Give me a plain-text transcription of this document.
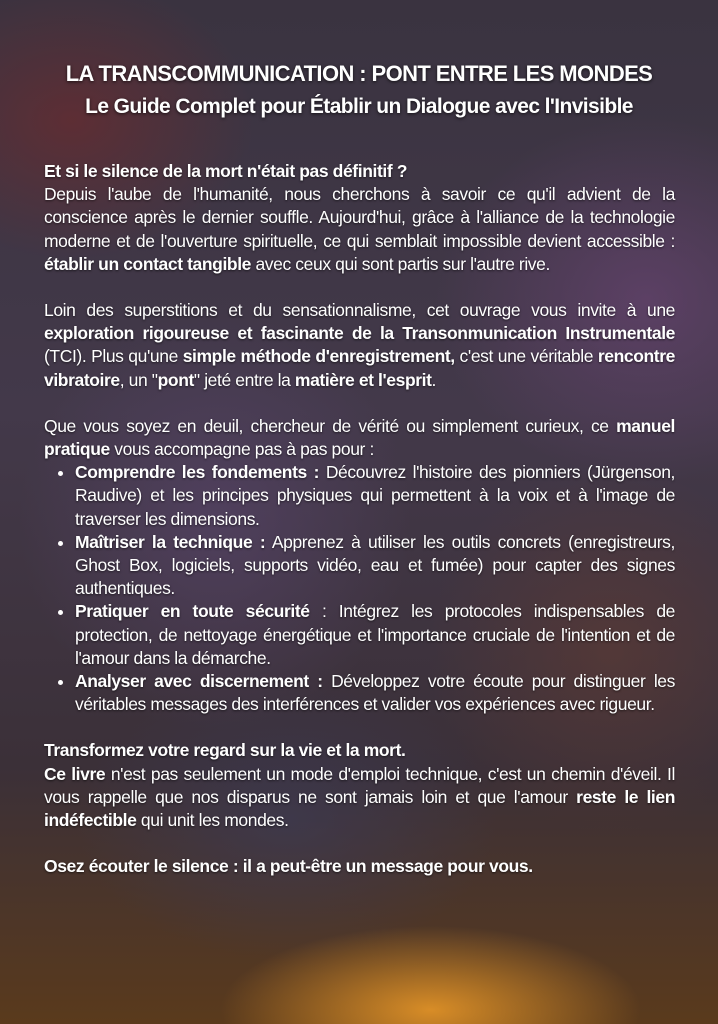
LA TRANSCOMMUNICATION : PONT ENTRE LES MONDES
Le Guide Complet pour Établir un Dialogue avec l'Invisible
Et si le silence de la mort n'était pas définitif ?
Depuis l'aube de l'humanité, nous cherchons à savoir ce qu'il advient de la conscience après le dernier souffle. Aujourd'hui, grâce à l'alliance de la technologie moderne et de l'ouverture spirituelle, ce qui semblait impossible devient accessible : établir un contact tangible avec ceux qui sont partis sur l'autre rive.
Loin des superstitions et du sensationnalisme, cet ouvrage vous invite à une exploration rigoureuse et fascinante de la Transonmunication Instrumentale (TCI). Plus qu'une simple méthode d'enregistrement, c'est une véritable rencontre vibratoire, un "pont" jeté entre la matière et l'esprit.
Que vous soyez en deuil, chercheur de vérité ou simplement curieux, ce manuel pratique vous accompagne pas à pas pour :
• Comprendre les fondements : Découvrez l'histoire des pionniers (Jürgenson, Raudive) et les principes physiques qui permettent à la voix et à l'image de traverser les dimensions.
• Maîtriser la technique : Apprenez à utiliser les outils concrets (enregistreurs, Ghost Box, logiciels, supports vidéo, eau et fumée) pour capter des signes authentiques.
• Pratiquer en toute sécurité : Intégrez les protocoles indispensables de protection, de nettoyage énergétique et l'importance cruciale de l'intention et de l'amour dans la démarche.
• Analyser avec discernement : Développez votre écoute pour distinguer les véritables messages des interférences et valider vos expériences avec rigueur.
Transformez votre regard sur la vie et la mort.
Ce livre n'est pas seulement un mode d'emploi technique, c'est un chemin d'éveil. Il vous rappelle que nos disparus ne sont jamais loin et que l'amour reste le lien indéfectible qui unit les mondes.
Osez écouter le silence : il a peut-être un message pour vous.
